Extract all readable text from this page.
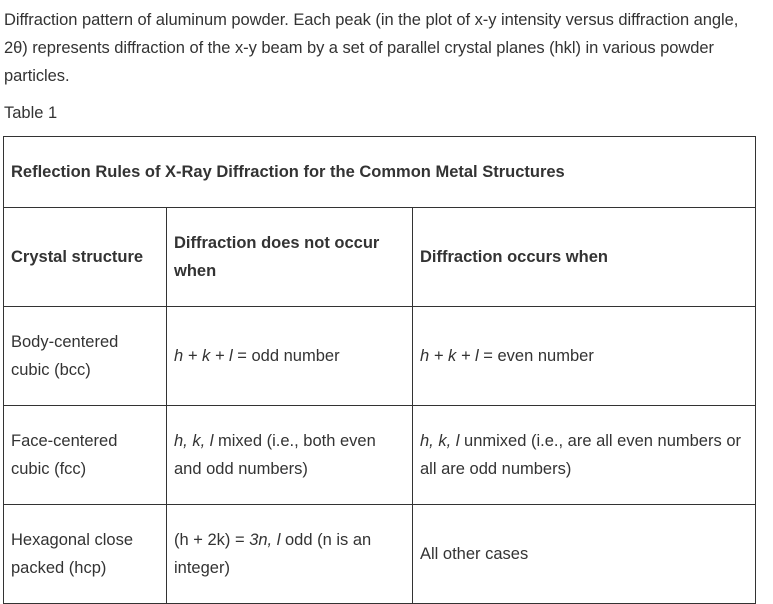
Diffraction pattern of aluminum powder. Each peak (in the plot of x-y intensity versus diffraction angle, 2θ) represents diffraction of the x-y beam by a set of parallel crystal planes (hkl) in various powder particles.

Table 1

Reflection Rules of X-Ray Diffraction for the Common Metal Structures		
Crystal structure	Diffraction does not occur when	Diffraction occurs when
Body-centered cubic (bcc)	h + k + l = odd number	h + k + l = even number
Face-centered cubic (fcc)	h, k, l mixed (i.e., both even and odd numbers)	h, k, l unmixed (i.e., are all even numbers or all are odd numbers)
Hexagonal close packed (hcp)	(h + 2k) = 3n, l odd (n is an integer)	All other cases
